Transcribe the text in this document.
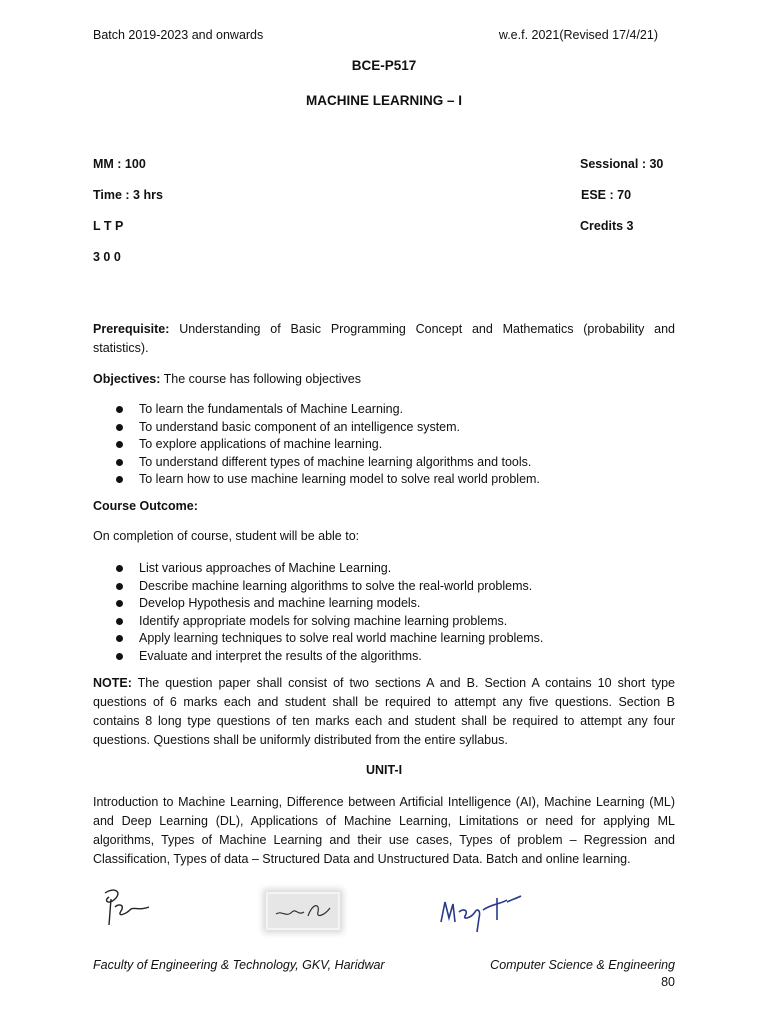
Batch 2019-2023 and onwards	w.e.f. 2021(Revised 17/4/21)

BCE-P517

MACHINE LEARNING – I

MM : 100	Sessional : 30

Time : 3 hrs	ESE : 70

L T P	Credits 3

3 0 0

Prerequisite: Understanding of Basic Programming Concept and Mathematics (probability and statistics).

Objectives: The course has following objectives

To learn the fundamentals of Machine Learning.
To understand basic component of an intelligence system.
To explore applications of machine learning.
To understand different types of machine learning algorithms and tools.
To learn how to use machine learning model to solve real world problem.

Course Outcome:

On completion of course, student will be able to:

List various approaches of Machine Learning.
Describe machine learning algorithms to solve the real-world problems.
Develop Hypothesis and machine learning models.
Identify appropriate models for solving machine learning problems.
Apply learning techniques to solve real world machine learning problems.
Evaluate and interpret the results of the algorithms.

NOTE: The question paper shall consist of two sections A and B. Section A contains 10 short type questions of 6 marks each and student shall be required to attempt any five questions. Section B contains 8 long type questions of ten marks each and student shall be required to attempt any four questions. Questions shall be uniformly distributed from the entire syllabus.

UNIT-I

Introduction to Machine Learning, Difference between Artificial Intelligence (AI), Machine Learning (ML) and Deep Learning (DL), Applications of Machine Learning, Limitations or need for applying ML algorithms, Types of Machine Learning and their use cases, Types of problem – Regression and Classification, Types of data – Structured Data and Unstructured Data. Batch and online learning.

Faculty of Engineering & Technology, GKV, Haridwar	Computer Science & Engineering

80
